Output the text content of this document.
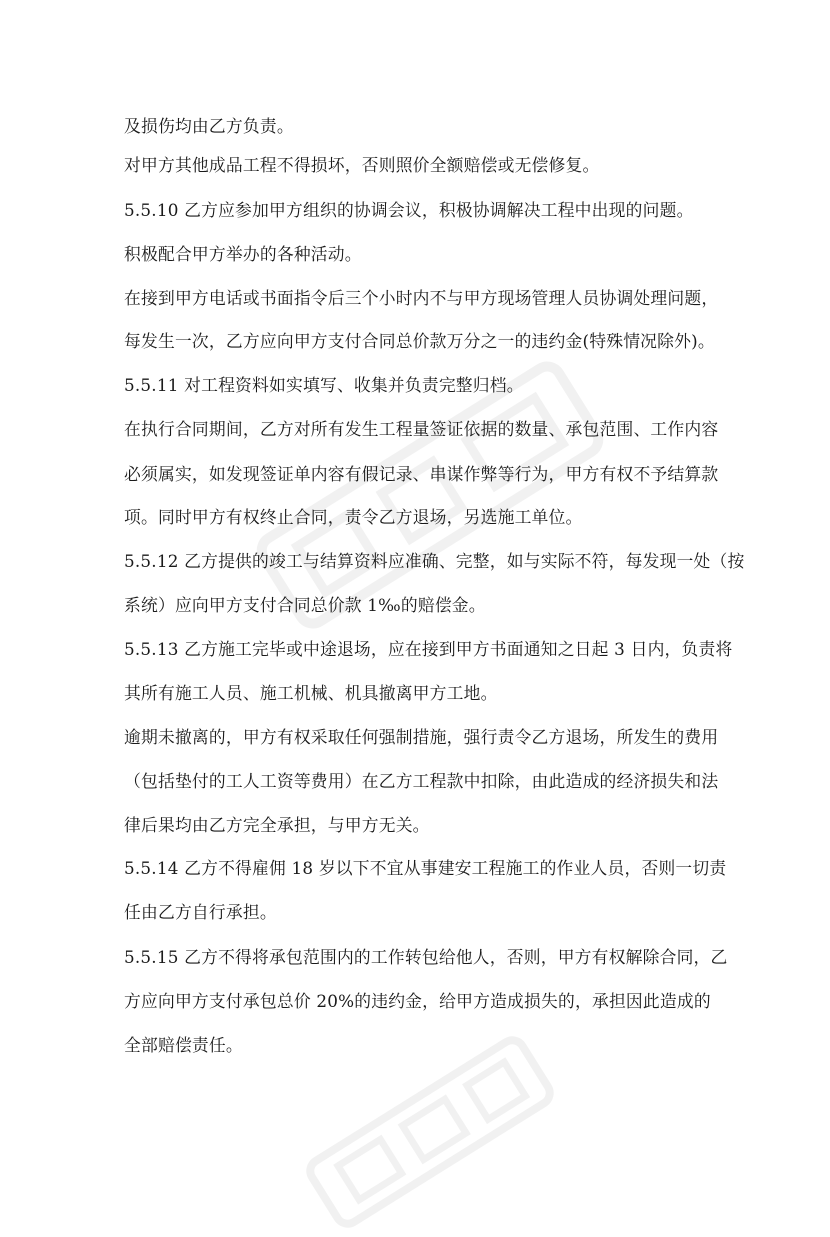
及损伤均由乙方负责。
对甲方其他成品工程不得损坏，否则照价全额赔偿或无偿修复。
5.5.10 乙方应参加甲方组织的协调会议，积极协调解决工程中出现的问题。
积极配合甲方举办的各种活动。
在接到甲方电话或书面指令后三个小时内不与甲方现场管理人员协调处理问题，
每发生一次，乙方应向甲方支付合同总价款万分之一的违约金(特殊情况除外)。
5.5.11 对工程资料如实填写、收集并负责完整归档。
在执行合同期间，乙方对所有发生工程量签证依据的数量、承包范围、工作内容
必须属实，如发现签证单内容有假记录、串谋作弊等行为，甲方有权不予结算款
项。同时甲方有权终止合同，责令乙方退场，另选施工单位。
5.5.12 乙方提供的竣工与结算资料应准确、完整，如与实际不符，每发现一处（按
系统）应向甲方支付合同总价款 1‰的赔偿金。
5.5.13 乙方施工完毕或中途退场，应在接到甲方书面通知之日起 3 日内，负责将
其所有施工人员、施工机械、机具撤离甲方工地。
逾期未撤离的，甲方有权采取任何强制措施，强行责令乙方退场，所发生的费用
（包括垫付的工人工资等费用）在乙方工程款中扣除，由此造成的经济损失和法
律后果均由乙方完全承担，与甲方无关。
5.5.14 乙方不得雇佣 18 岁以下不宜从事建安工程施工的作业人员，否则一切责
任由乙方自行承担。
5.5.15 乙方不得将承包范围内的工作转包给他人，否则，甲方有权解除合同，乙
方应向甲方支付承包总价 20%的违约金，给甲方造成损失的，承担因此造成的
全部赔偿责任。
